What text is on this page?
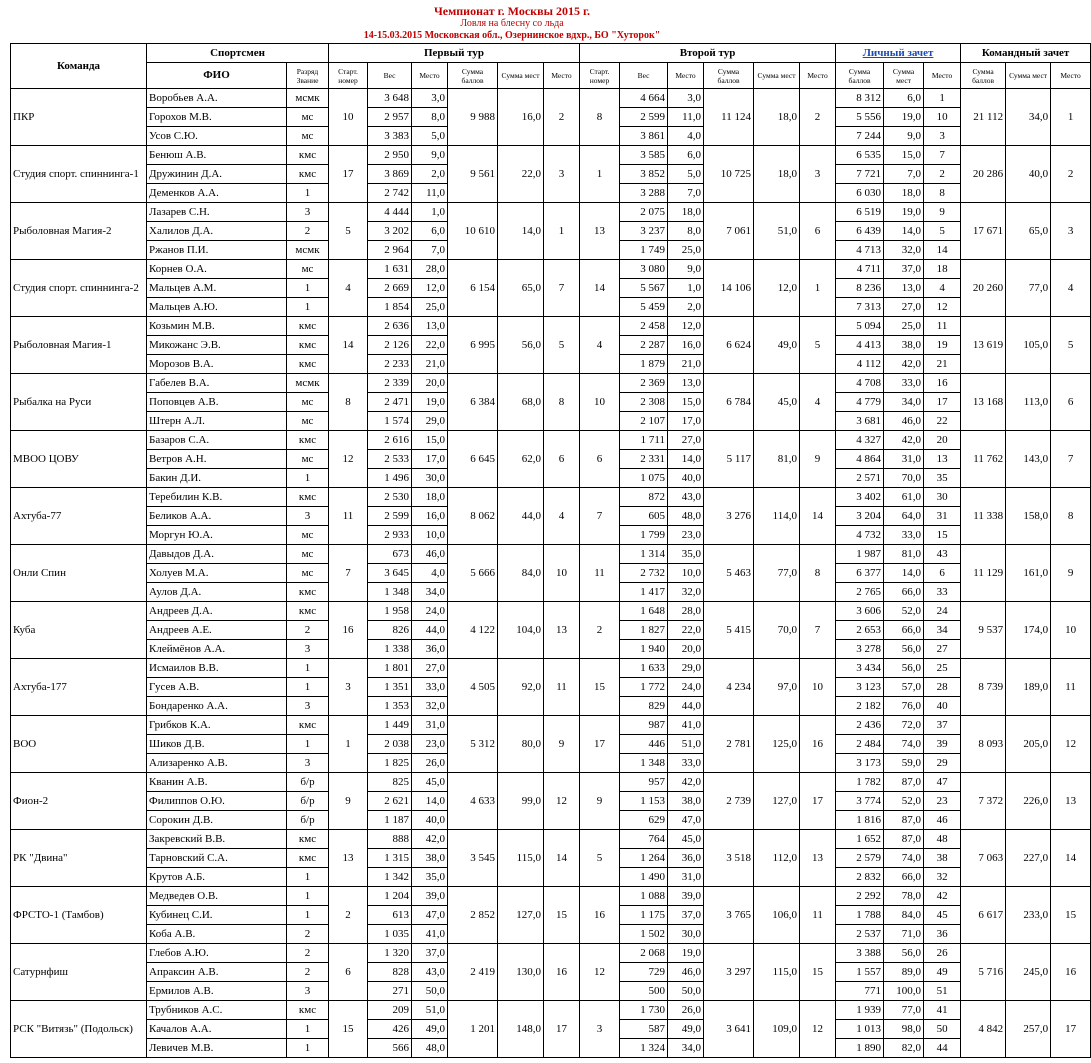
Чемпионат г. Москвы 2015 г.
Ловля на блесну со льда
14-15.03.2015 Московская обл., Озернинское вдхр., БО "Хуторок"
Команда	Спортсмен		Первый тур						Второй тур						Личный зачет			Командный зачет		
	ФИО	Разряд Звание	Старт. номер	Вес	Место	Сумма баллов	Сумма мест	Место	Старт. номер	Вес	Место	Сумма баллов	Сумма мест	Место	Сумма баллов	Сумма мест	Место	Сумма баллов	Сумма мест	Место
ПКР	Воробьев А.А.	мсмк	10	3 648	3,0	9 988	16,0	2	8	4 664	3,0	11 124	18,0	2	8 312	6,0	1	21 112	34,0	1
	Горохов М.В.	мс		2 957	8,0					2 599	11,0				5 556	19,0	10			
	Усов С.Ю.	мс		3 383	5,0					3 861	4,0				7 244	9,0	3			
Студия спорт. спиннинга-1	Бенюш А.В.	кмс	17	2 950	9,0	9 561	22,0	3	1	3 585	6,0	10 725	18,0	3	6 535	15,0	7	20 286	40,0	2
	Дружинин Д.А.	кмс		3 869	2,0					3 852	5,0				7 721	7,0	2			
	Деменков А.А.	1		2 742	11,0					3 288	7,0				6 030	18,0	8			
Рыболовная Магия-2	Лазарев С.Н.	3	5	4 444	1,0	10 610	14,0	1	13	2 075	18,0	7 061	51,0	6	6 519	19,0	9	17 671	65,0	3
	Халилов Д.А.	2		3 202	6,0					3 237	8,0				6 439	14,0	5			
	Ржанов П.И.	мсмк		2 964	7,0					1 749	25,0				4 713	32,0	14			
Студия спорт. спиннинга-2	Корнев О.А.	мс	4	1 631	28,0	6 154	65,0	7	14	3 080	9,0	14 106	12,0	1	4 711	37,0	18	20 260	77,0	4
	Мальцев А.М.	1		2 669	12,0					5 567	1,0				8 236	13,0	4			
	Мальцев А.Ю.	1		1 854	25,0					5 459	2,0				7 313	27,0	12			
Рыболовная Магия-1	Козьмин М.В.	кмс	14	2 636	13,0	6 995	56,0	5	4	2 458	12,0	6 624	49,0	5	5 094	25,0	11	13 619	105,0	5
	Микожанс Э.В.	кмс		2 126	22,0					2 287	16,0				4 413	38,0	19			
	Морозов В.А.	кмс		2 233	21,0					1 879	21,0				4 112	42,0	21			
Рыбалка на Руси	Габелев В.А.	мсмк	8	2 339	20,0	6 384	68,0	8	10	2 369	13,0	6 784	45,0	4	4 708	33,0	16	13 168	113,0	6
	Поповцев А.В.	мс		2 471	19,0					2 308	15,0				4 779	34,0	17			
	Штерн А.Л.	мс		1 574	29,0					2 107	17,0				3 681	46,0	22			
МВОО ЦОВУ	Базаров С.А.	кмс	12	2 616	15,0	6 645	62,0	6	6	1 711	27,0	5 117	81,0	9	4 327	42,0	20	11 762	143,0	7
	Ветров А.Н.	мс		2 533	17,0					2 331	14,0				4 864	31,0	13			
	Бакин Д.И.	1		1 496	30,0					1 075	40,0				2 571	70,0	35			
Ахтуба-77	Теребилин К.В.	кмс	11	2 530	18,0	8 062	44,0	4	7	872	43,0	3 276	114,0	14	3 402	61,0	30	11 338	158,0	8
	Беликов А.А.	3		2 599	16,0					605	48,0				3 204	64,0	31			
	Моргун Ю.А.	мс		2 933	10,0					1 799	23,0				4 732	33,0	15			
Онли Спин	Давыдов Д.А.	мс	7	673	46,0	5 666	84,0	10	11	1 314	35,0	5 463	77,0	8	1 987	81,0	43	11 129	161,0	9
	Холуев М.А.	мс		3 645	4,0					2 732	10,0				6 377	14,0	6			
	Аулов Д.А.	кмс		1 348	34,0					1 417	32,0				2 765	66,0	33			
Куба	Андреев Д.А.	кмс	16	1 958	24,0	4 122	104,0	13	2	1 648	28,0	5 415	70,0	7	3 606	52,0	24	9 537	174,0	10
	Андреев А.Е.	2		826	44,0					1 827	22,0				2 653	66,0	34			
	Клеймёнов А.А.	3		1 338	36,0					1 940	20,0				3 278	56,0	27			
Ахтуба-177	Исмаилов В.В.	1	3	1 801	27,0	4 505	92,0	11	15	1 633	29,0	4 234	97,0	10	3 434	56,0	25	8 739	189,0	11
	Гусев А.В.	1		1 351	33,0					1 772	24,0				3 123	57,0	28			
	Бондаренко А.А.	3		1 353	32,0					829	44,0				2 182	76,0	40			
ВОО	Грибков К.А.	кмс	1	1 449	31,0	5 312	80,0	9	17	987	41,0	2 781	125,0	16	2 436	72,0	37	8 093	205,0	12
	Шиков Д.В.	1		2 038	23,0					446	51,0				2 484	74,0	39			
	Ализаренко А.В.	3		1 825	26,0					1 348	33,0				3 173	59,0	29			
Фион-2	Кванин А.В.	б/р	9	825	45,0	4 633	99,0	12	9	957	42,0	2 739	127,0	17	1 782	87,0	47	7 372	226,0	13
	Филиппов О.Ю.	б/р		2 621	14,0					1 153	38,0				3 774	52,0	23			
	Сорокин Д.В.	б/р		1 187	40,0					629	47,0				1 816	87,0	46			
РК "Двина"	Закревский В.В.	кмс	13	888	42,0	3 545	115,0	14	5	764	45,0	3 518	112,0	13	1 652	87,0	48	7 063	227,0	14
	Тарновский С.А.	кмс		1 315	38,0					1 264	36,0				2 579	74,0	38			
	Крутов А.Б.	1		1 342	35,0					1 490	31,0				2 832	66,0	32			
ФРСТО-1 (Тамбов)	Медведев О.В.	1	2	1 204	39,0	2 852	127,0	15	16	1 088	39,0	3 765	106,0	11	2 292	78,0	42	6 617	233,0	15
	Кубинец С.И.	1		613	47,0					1 175	37,0				1 788	84,0	45			
	Коба А.В.	2		1 035	41,0					1 502	30,0				2 537	71,0	36			
Сатурнфиш	Глебов А.Ю.	2	6	1 320	37,0	2 419	130,0	16	12	2 068	19,0	3 297	115,0	15	3 388	56,0	26	5 716	245,0	16
	Апраксин А.В.	2		828	43,0					729	46,0				1 557	89,0	49			
	Ермилов А.В.	3		271	50,0					500	50,0				771	100,0	51			
РСК "Витязь" (Подольск)	Трубников А.С.	кмс	15	209	51,0	1 201	148,0	17	3	1 730	26,0	3 641	109,0	12	1 939	77,0	41	4 842	257,0	17
	Качалов А.А.	1		426	49,0					587	49,0				1 013	98,0	50			
	Левичев М.В.	1		566	48,0					1 324	34,0				1 890	82,0	44			
